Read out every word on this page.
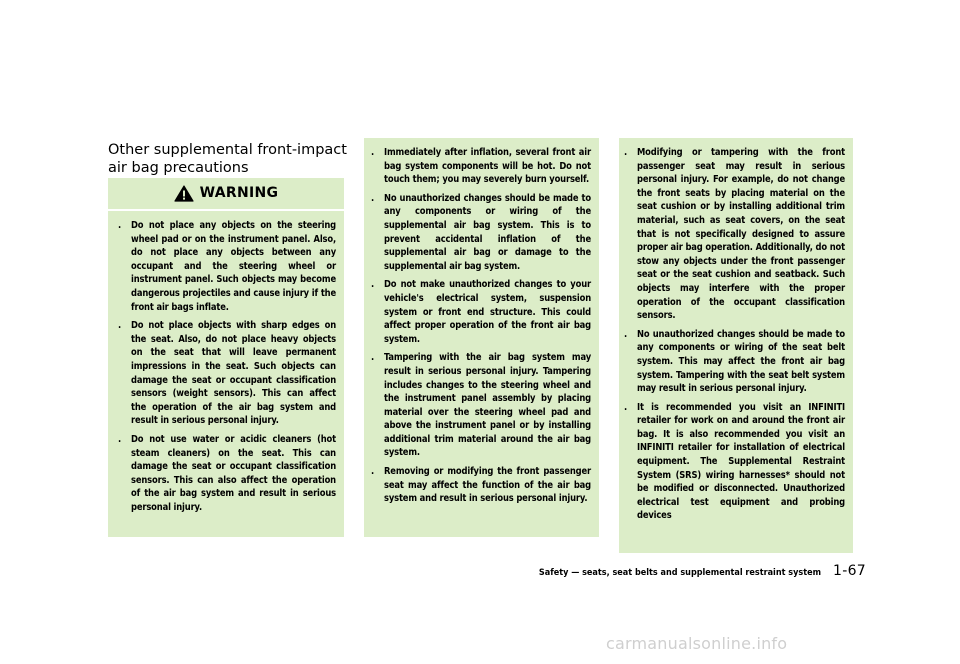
Other supplemental front-impact air bag precautions
WARNING
. Do not place any objects on the steering wheel pad or on the instrument panel. Also, do not place any objects between any occupant and the steering wheel or instrument panel. Such objects may become dangerous projectiles and cause injury if the front air bags inflate.
. Do not place objects with sharp edges on the seat. Also, do not place heavy objects on the seat that will leave permanent impressions in the seat. Such objects can damage the seat or occupant classification sensors (weight sensors). This can affect the operation of the air bag system and result in serious personal injury.
. Do not use water or acidic cleaners (hot steam cleaners) on the seat. This can damage the seat or occupant classification sensors. This can also affect the operation of the air bag system and result in serious personal injury.
. Immediately after inflation, several front air bag system components will be hot. Do not touch them; you may severely burn yourself.
. No unauthorized changes should be made to any components or wiring of the supplemental air bag system. This is to prevent accidental inflation of the supplemental air bag or damage to the supplemental air bag system.
. Do not make unauthorized changes to your vehicle's electrical system, suspension system or front end structure. This could affect proper operation of the front air bag system.
. Tampering with the air bag system may result in serious personal injury. Tampering includes changes to the steering wheel and the instrument panel assembly by placing material over the steering wheel pad and above the instrument panel or by installing additional trim material around the air bag system.
. Removing or modifying the front passenger seat may affect the function of the air bag system and result in serious personal injury.
. Modifying or tampering with the front passenger seat may result in serious personal injury. For example, do not change the front seats by placing material on the seat cushion or by installing additional trim material, such as seat covers, on the seat that is not specifically designed to assure proper air bag operation. Additionally, do not stow any objects under the front passenger seat or the seat cushion and seatback. Such objects may interfere with the proper operation of the occupant classification sensors.
. No unauthorized changes should be made to any components or wiring of the seat belt system. This may affect the front air bag system. Tampering with the seat belt system may result in serious personal injury.
. It is recommended you visit an INFINITI retailer for work on and around the front air bag. It is also recommended you visit an INFINITI retailer for installation of electrical equipment. The Supplemental Restraint System (SRS) wiring harnesses* should not be modified or disconnected. Unauthorized electrical test equipment and probing devices
Safety — seats, seat belts and supplemental restraint system 1-67
carmanualsonline.info
